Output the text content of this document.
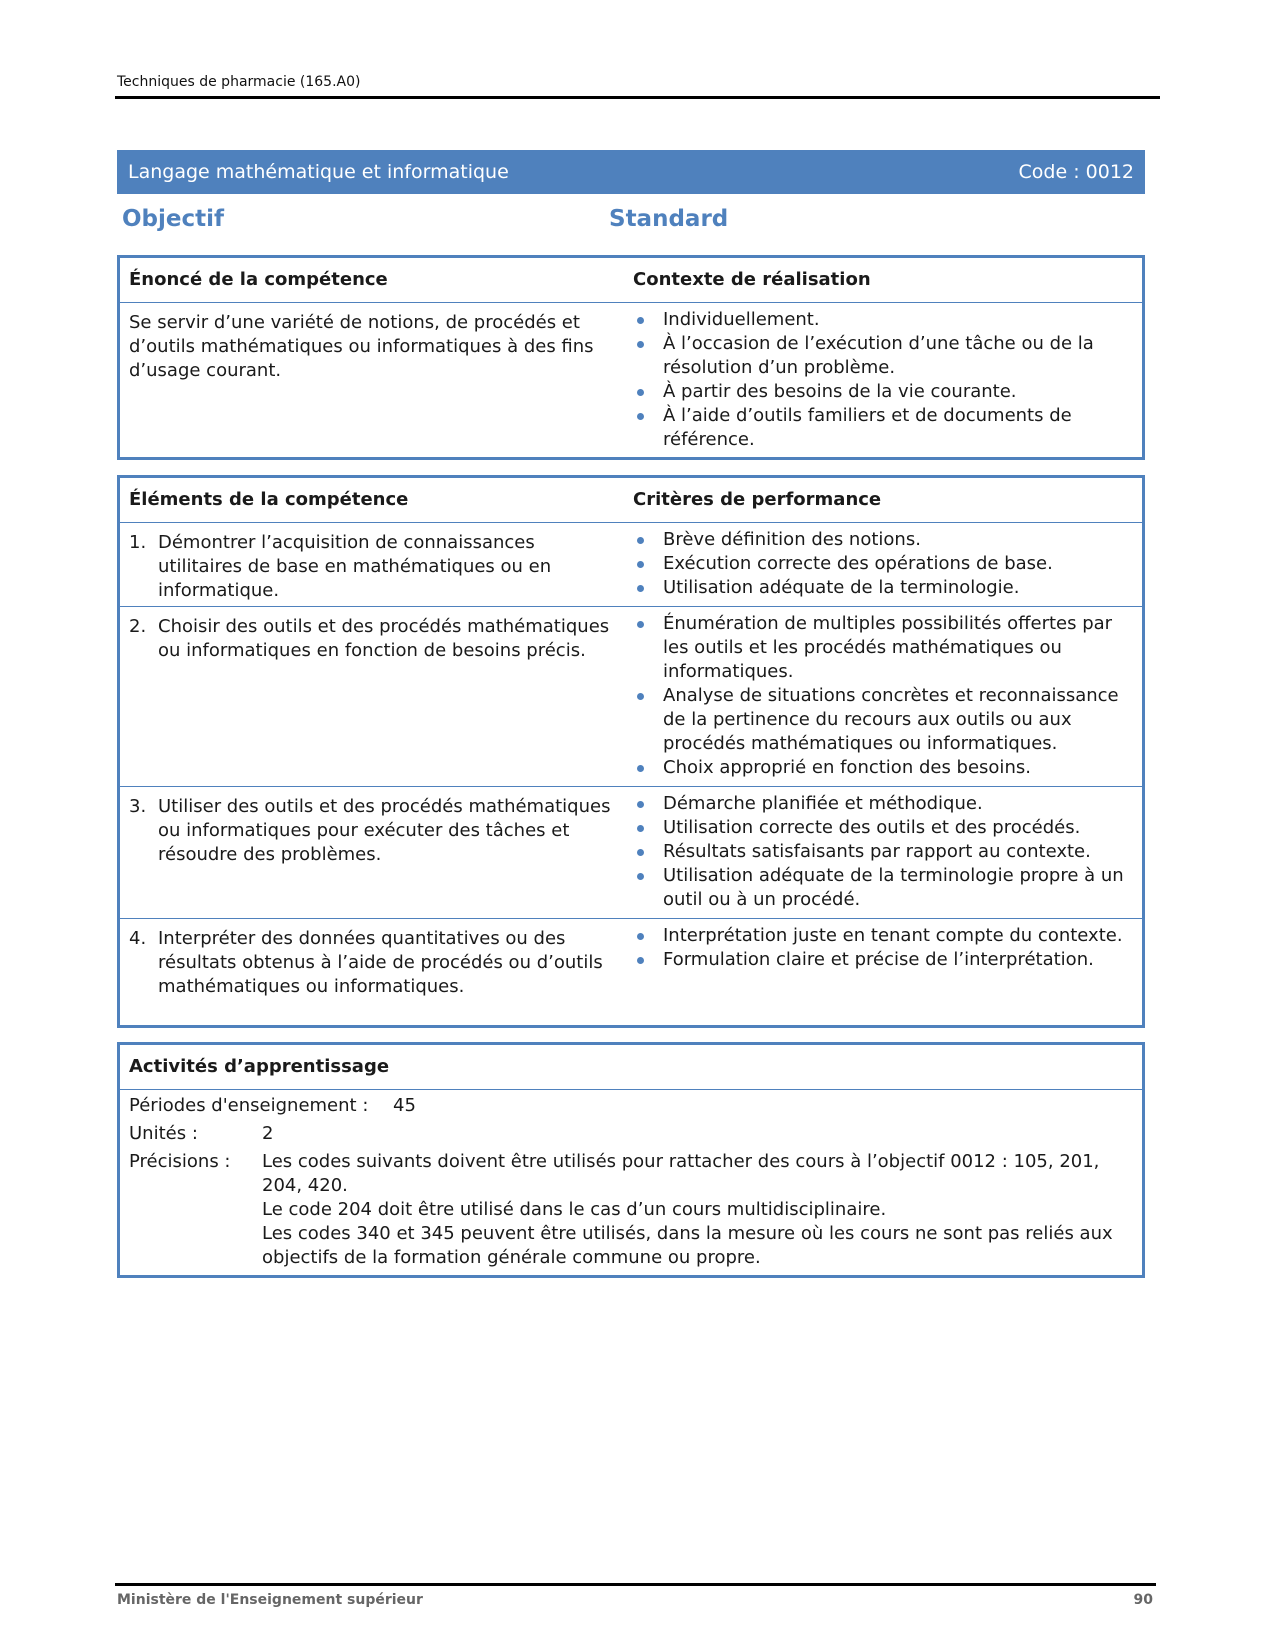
Techniques de pharmacie (165.A0)
Langage mathématique et informatique	Code : 0012
Objectif	Standard
Énoncé de la compétence	Contexte de réalisation

Se servir d’une variété de notions, de procédés et d’outils mathématiques ou informatiques à des fins d’usage courant.

Individuellement.
À l’occasion de l’exécution d’une tâche ou de la résolution d’un problème.
À partir des besoins de la vie courante.
À l’aide d’outils familiers et de documents de référence.
Éléments de la compétence	Critères de performance

1. Démontrer l’acquisition de connaissances utilitaires de base en mathématiques ou en informatique.

Brève définition des notions.
Exécution correcte des opérations de base.
Utilisation adéquate de la terminologie.

2. Choisir des outils et des procédés mathématiques ou informatiques en fonction de besoins précis.

Énumération de multiples possibilités offertes par les outils et les procédés mathématiques ou informatiques.
Analyse de situations concrètes et reconnaissance de la pertinence du recours aux outils ou aux procédés mathématiques ou informatiques.
Choix approprié en fonction des besoins.

3. Utiliser des outils et des procédés mathématiques ou informatiques pour exécuter des tâches et résoudre des problèmes.

Démarche planifiée et méthodique.
Utilisation correcte des outils et des procédés.
Résultats satisfaisants par rapport au contexte.
Utilisation adéquate de la terminologie propre à un outil ou à un procédé.

4. Interpréter des données quantitatives ou des résultats obtenus à l’aide de procédés ou d’outils mathématiques ou informatiques.

Interprétation juste en tenant compte du contexte.
Formulation claire et précise de l’interprétation.
Activités d’apprentissage
Périodes d'enseignement :	45
Unités :	2
Précisions :	Les codes suivants doivent être utilisés pour rattacher des cours à l’objectif 0012 : 105, 201, 204, 420.

Le code 204 doit être utilisé dans le cas d’un cours multidisciplinaire.

Les codes 340 et 345 peuvent être utilisés, dans la mesure où les cours ne sont pas reliés aux objectifs de la formation générale commune ou propre.

Ministère de l'Enseignement supérieur	90
